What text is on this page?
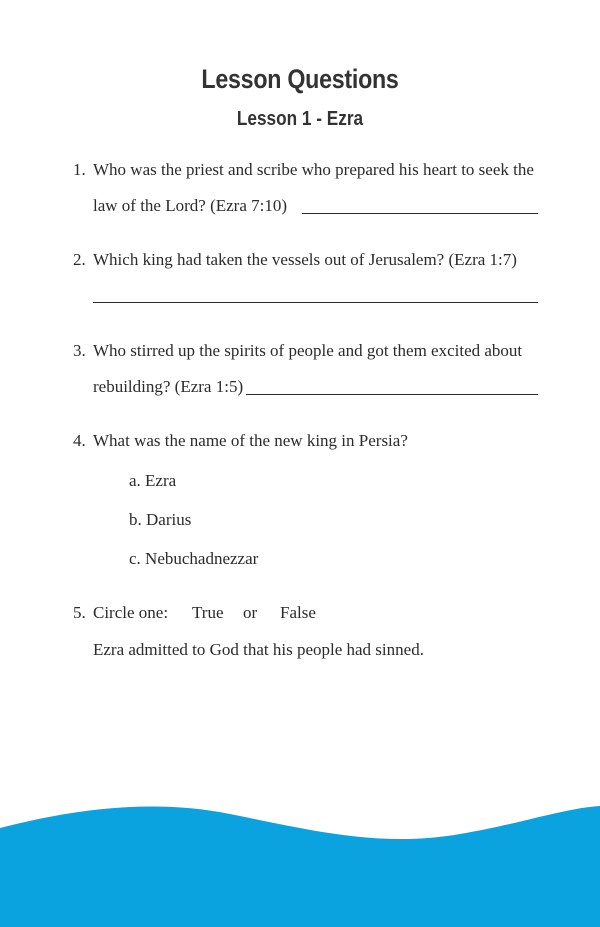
Lesson Questions
Lesson 1 - Ezra
1. Who was the priest and scribe who prepared his heart to seek the
law of the Lord? (Ezra 7:10)
2. Which king had taken the vessels out of Jerusalem? (Ezra 1:7)
3. Who stirred up the spirits of people and got them excited about
rebuilding? (Ezra 1:5)
4. What was the name of the new king in Persia?
a. Ezra
b. Darius
c. Nebuchadnezzar
5. Circle one: True or False
Ezra admitted to God that his people had sinned.
